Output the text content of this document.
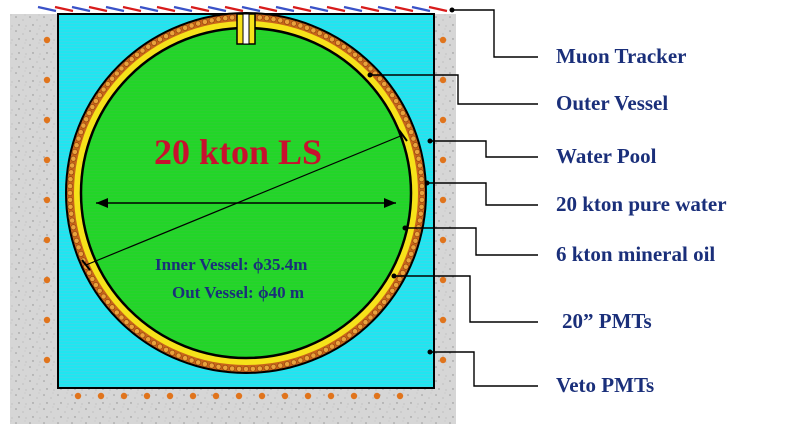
20 kton LS
Inner Vessel: ϕ35.4m
Out Vessel: ϕ40 m
Muon Tracker
Outer Vessel
Water Pool
20 kton pure water
6 kton mineral oil
20” PMTs
Veto PMTs
